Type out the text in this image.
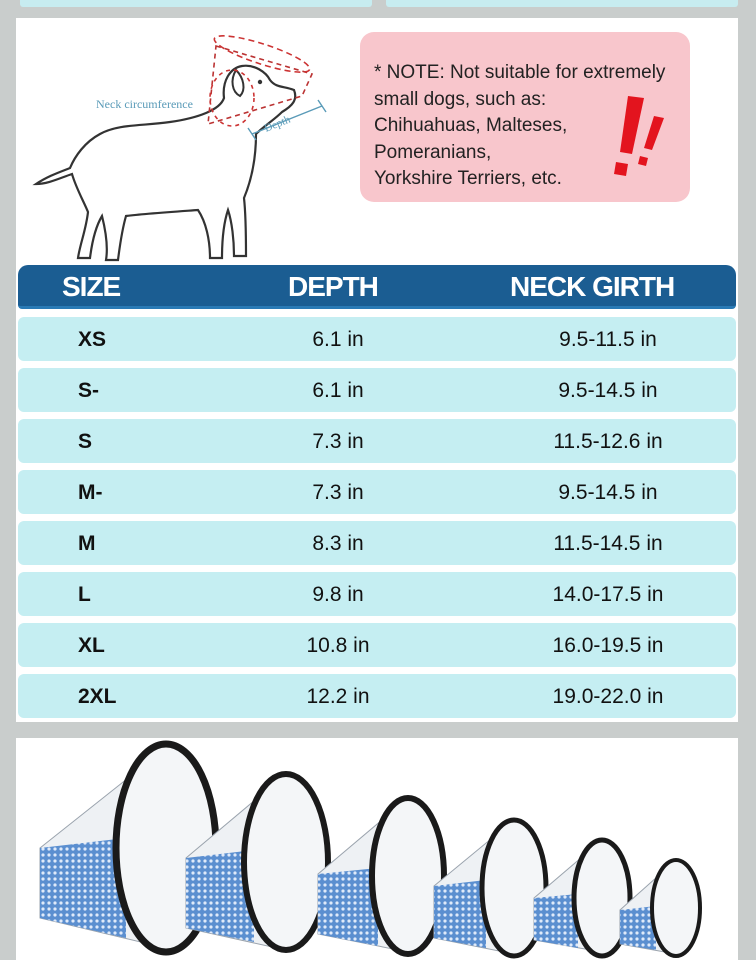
Depth
Neck circumference
* NOTE: Not suitable for extremely
small dogs, such as:
Chihuahuas, Malteses,
Pomeranians,
Yorkshire Terriers, etc.
SIZE	DEPTH	NECK GIRTH
XS	6.1 in	9.5-11.5 in
S-	6.1 in	9.5-14.5 in
S	7.3 in	11.5-12.6 in
M-	7.3 in	9.5-14.5 in
M	8.3 in	11.5-14.5 in
L	9.8 in	14.0-17.5 in
XL	10.8 in	16.0-19.5 in
2XL	12.2 in	19.0-22.0 in
